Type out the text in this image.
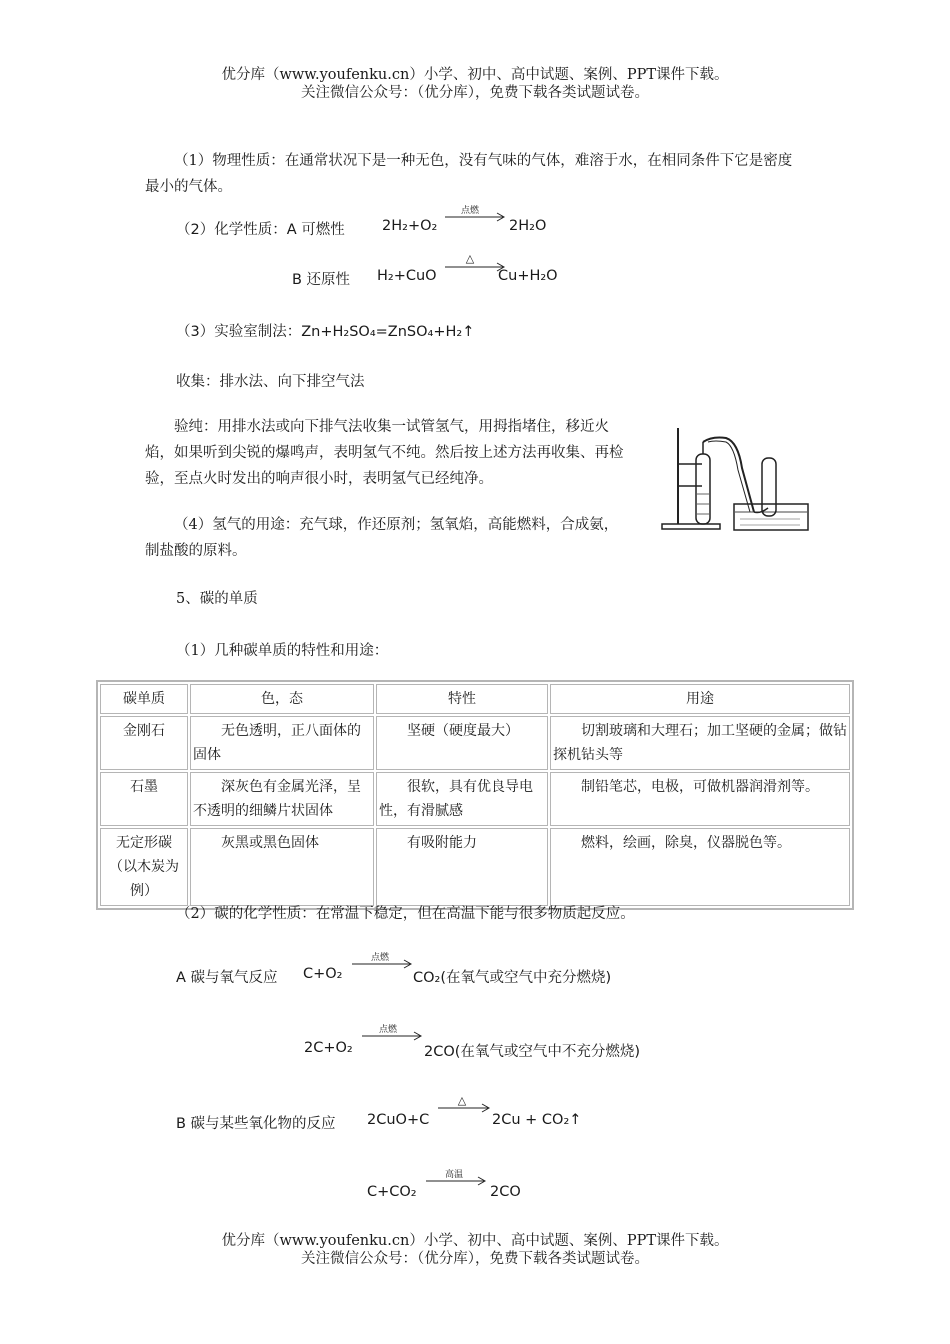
优分库（www.youfenku.cn）小学、初中、高中试题、案例、PPT课件下载。
关注微信公众号：（优分库），免费下载各类试题试卷。
（1）物理性质：在通常状况下是一种无色，没有气味的气体，难溶于水，在相同条件下它是密度最小的气体。
（2）化学性质：A 可燃性	2H₂+O₂
点燃
2H₂O
B 还原性 H₂+CuO
△
Cu+H₂O
（3）实验室制法：Zn+H₂SO₄=ZnSO₄+H₂↑
收集：排水法、向下排空气法
验纯：用排水法或向下排气法收集一试管氢气，用拇指堵住，移近火焰，如果听到尖锐的爆鸣声，表明氢气不纯。然后按上述方法再收集、再检验，至点火时发出的响声很小时，表明氢气已经纯净。
（4）氢气的用途：充气球，作还原剂；氢氧焰，高能燃料，合成氨，制盐酸的原料。
5、碳的单质
（1）几种碳单质的特性和用途：
碳单质	色，态	特性	用途
金刚石	无色透明，正八面体的固体	坚硬（硬度最大）	切割玻璃和大理石；加工坚硬的金属；做钻探机钻头等
石墨	深灰色有金属光泽，呈不透明的细鳞片状固体	很软，具有优良导电性，有滑腻感	制铅笔芯，电极，可做机器润滑剂等。
无定形碳（以木炭为例）	灰黑或黑色固体	有吸附能力	燃料，绘画，除臭，仪器脱色等。
（2）碳的化学性质：在常温下稳定，但在高温下能与很多物质起反应。
A 碳与氧气反应 C+O₂
点燃
CO₂(在氧气或空气中充分燃烧)
2C+O₂
点燃
2CO(在氧气或空气中不充分燃烧)
B 碳与某些氧化物的反应 2CuO+C
△
2Cu + CO₂↑
C+CO₂
高温
2CO
优分库（www.youfenku.cn）小学、初中、高中试题、案例、PPT课件下载。
关注微信公众号：（优分库），免费下载各类试题试卷。
